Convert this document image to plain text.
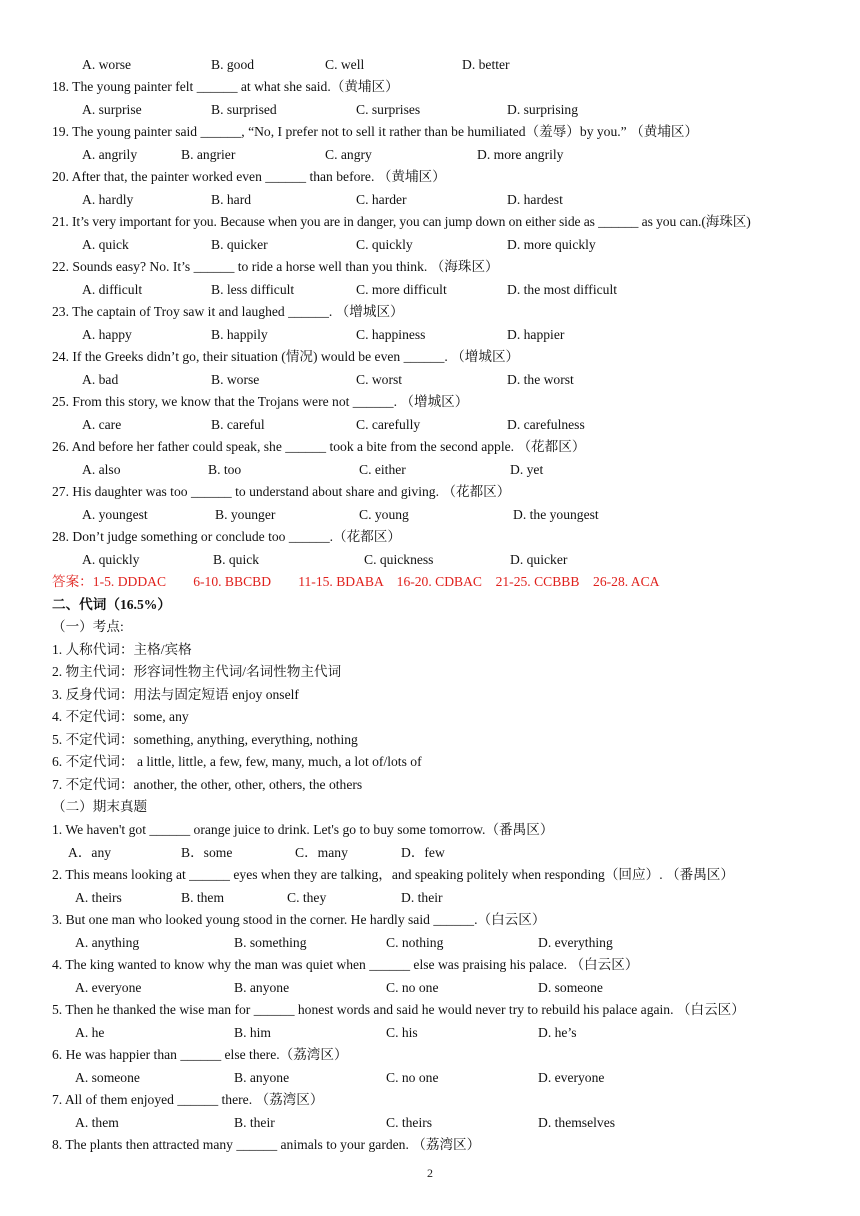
A. worse	B. good	C. well	D. better
18. The young painter felt ______ at what she said.（黄埔区）
A. surprise	B. surprised	C. surprises	D. surprising
19. The young painter said ______, “No, I prefer not to sell it rather than be humiliated（羞辱）by you.” （黄埔区）
A. angrily	B. angrier	C. angry	D. more angrily
20. After that, the painter worked even ______ than before. （黄埔区）
A. hardly	B. hard	C. harder	D. hardest
21. It’s very important for you. Because when you are in danger, you can jump down on either side as ______ as you can.(海珠区)
A. quick	B. quicker	C. quickly	D. more quickly
22. Sounds easy? No. It’s ______ to ride a horse well than you think. （海珠区）
A. difficult	B. less difficult	C. more difficult	D. the most difficult
23. The captain of Troy saw it and laughed ______. （增城区）
A. happy	B. happily	C. happiness	D. happier
24. If the Greeks didn’t go, their situation (情况) would be even ______. （增城区）
A. bad	B. worse	C. worst	D. the worst
25. From this story, we know that the Trojans were not ______. （增城区）
A. care	B. careful	C. carefully	D. carefulness
26. And before her father could speak, she ______ took a bite from the second apple. （花都区）
A. also	B. too	C. either	D. yet
27. His daughter was too ______ to understand about share and giving. （花都区）
A. youngest	B. younger	C. young	D. the youngest
28. Don’t judge something or conclude too ______.（花都区）
A. quickly	B. quick	C. quickness	D. quicker
答案：1-5. DDDAC　　6-10. BBCBD　　11-15. BDABA　16-20. CDBAC　21-25. CCBBB　26-28. ACA
二、代词（16.5%）
（一）考点:
1. 人称代词：主格/宾格
2. 物主代词：形容词性物主代词/名词性物主代词
3. 反身代词：用法与固定短语 enjoy onself
4. 不定代词：some, any
5. 不定代词：something, anything, everything, nothing
6. 不定代词： a little, little, a few, few, many, much, a lot of/lots of
7. 不定代词：another, the other, other, others, the others
（二）期末真题
1. We haven't got ______ orange juice to drink. Let's go to buy some tomorrow.（番禺区）
A．any	B．some	C．many	D．few
2. This means looking at ______ eyes when they are talking，and speaking politely when responding（回应）. （番禺区）
A. theirs	B. them	C. they	D. their
3. But one man who looked young stood in the corner. He hardly said ______.（白云区）
A. anything	B. something	C. nothing	D. everything
4. The king wanted to know why the man was quiet when ______ else was praising his palace. （白云区）
A. everyone	B. anyone	C. no one	D. someone
5. Then he thanked the wise man for ______ honest words and said he would never try to rebuild his palace again. （白云区）
A. he	B. him	C. his	D. he’s
6. He was happier than ______ else there.（荔湾区）
A. someone	B. anyone	C. no one	D. everyone
7. All of them enjoyed ______ there. （荔湾区）
A. them	B. their	C. theirs	D. themselves
8. The plants then attracted many ______ animals to your garden. （荔湾区）
2
